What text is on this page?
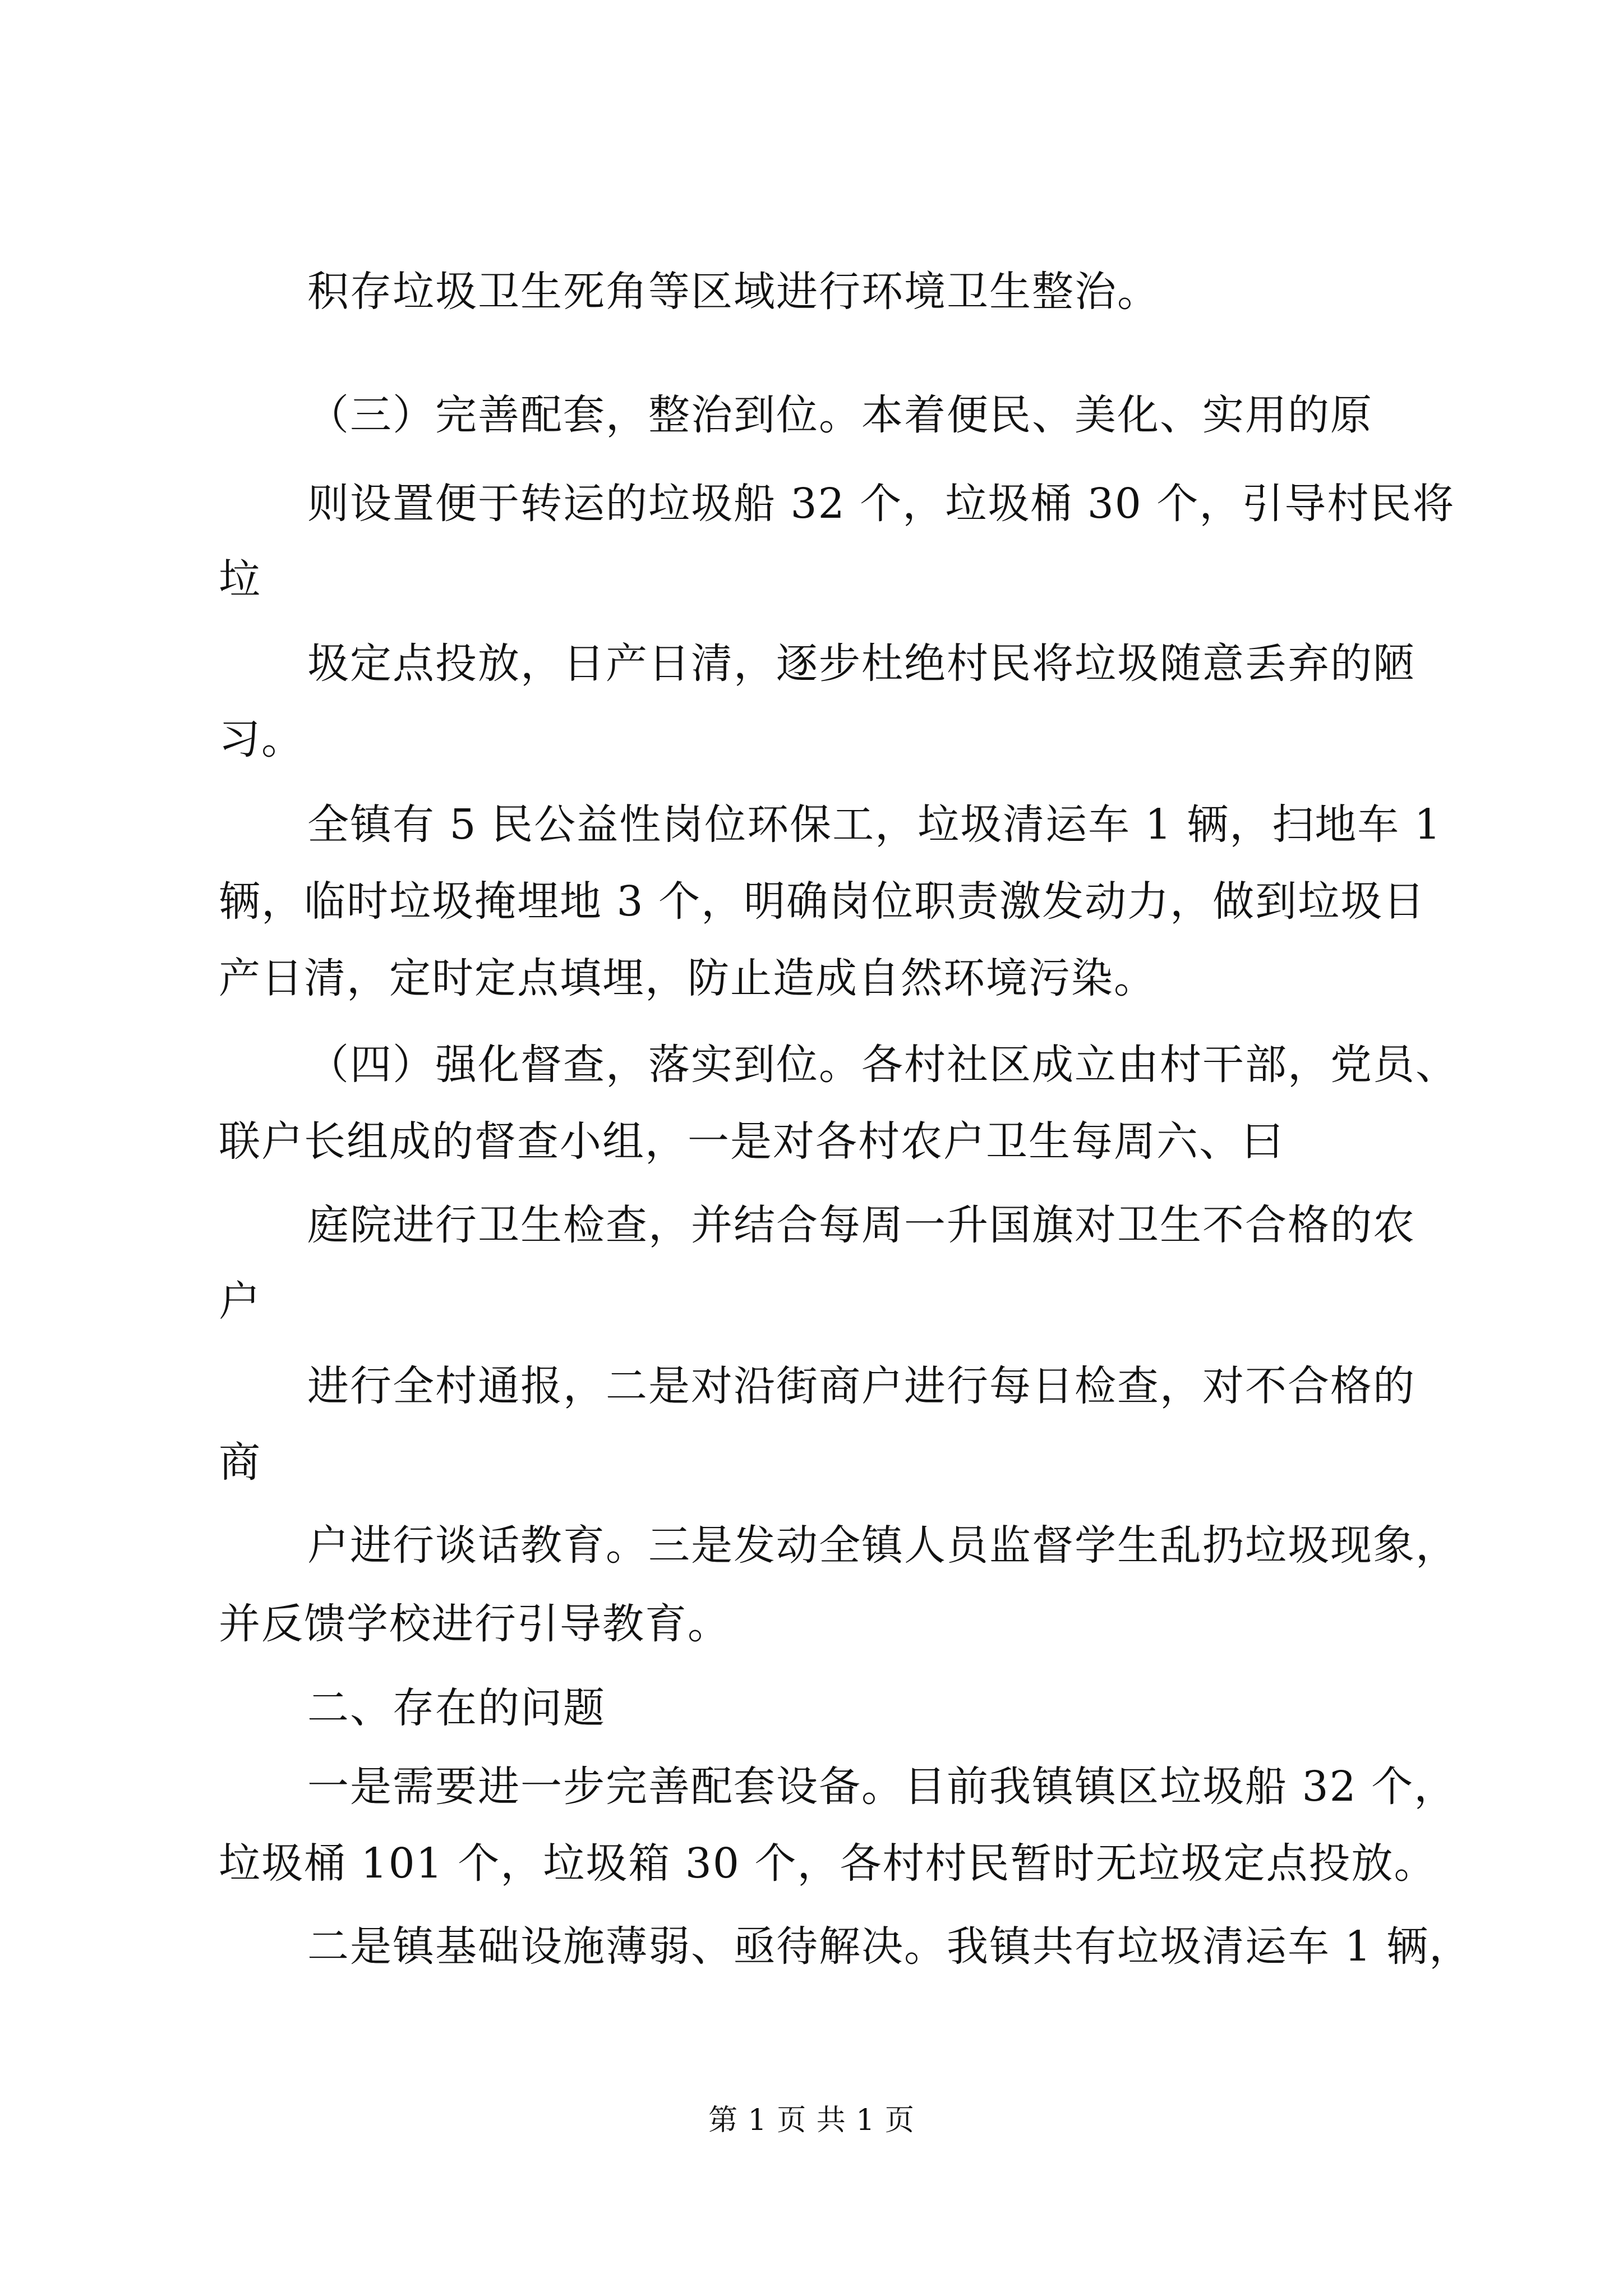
积存垃圾卫生死角等区域进行环境卫生整治。
（三）完善配套，整治到位。本着便民、美化、实用的原
则设置便于转运的垃圾船 32 个，垃圾桶 30 个，引导村民将
垃
圾定点投放，日产日清，逐步杜绝村民将垃圾随意丢弃的陋
习。
全镇有 5 民公益性岗位环保工，垃圾清运车 1 辆，扫地车 1
辆，临时垃圾掩埋地 3 个，明确岗位职责激发动力，做到垃圾日
产日清，定时定点填埋，防止造成自然环境污染。
（四）强化督查，落实到位。各村社区成立由村干部，党员、
联户长组成的督查小组，一是对各村农户卫生每周六、曰
庭院进行卫生检查，并结合每周一升国旗对卫生不合格的农
户
进行全村通报，二是对沿街商户进行每日检查，对不合格的
商
户进行谈话教育。三是发动全镇人员监督学生乱扔垃圾现象，
并反馈学校进行引导教育。
二、存在的问题
一是需要进一步完善配套设备。目前我镇镇区垃圾船 32 个，
垃圾桶 101 个，垃圾箱 30 个，各村村民暂时无垃圾定点投放。
二是镇基础设施薄弱、亟待解决。我镇共有垃圾清运车 1 辆，
第 1 页 共 1 页
